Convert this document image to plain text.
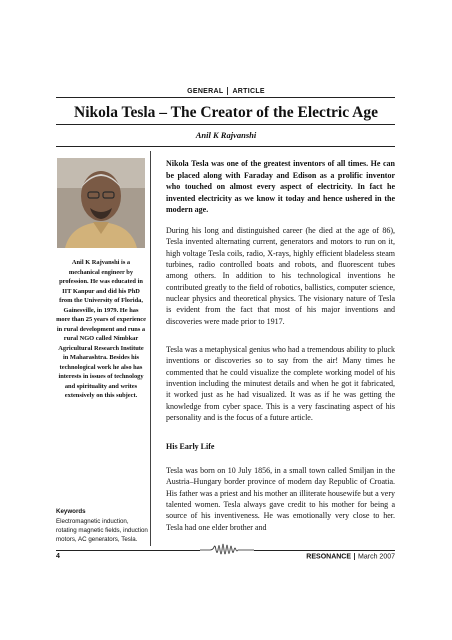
GENERAL ARTICLE
Nikola Tesla – The Creator of the Electric Age
Anil K Rajvanshi
Anil K Rajvanshi is a mechanical engineer by profession. He was educated in IIT Kanpur and did his PhD from the University of Florida, Gainesville, in 1979. He has more than 25 years of experience in rural development and runs a rural NGO called Nimbkar Agricultural Research Institute in Maharashtra. Besides his technological work he also has interests in issues of technology and spirituality and writes extensively on this subject.
Keywords
Electromagnetic induction, rotating magnetic fields, induction motors, AC generators, Tesla.
Nikola Tesla was one of the greatest inventors of all times. He can be placed along with Faraday and Edison as a prolific inventor who touched on almost every aspect of electricity. In fact he invented electricity as we know it today and hence ushered in the modern age.
During his long and distinguished career (he died at the age of 86), Tesla invented alternating current, generators and motors to run on it, high voltage Tesla coils, radio, X-rays, highly efficient bladeless steam turbines, radio controlled boats and robots, and fluorescent tubes among others. In addition to his technological inventions he contributed greatly to the field of robotics, ballistics, computer science, nuclear physics and theoretical physics. The visionary nature of Tesla is evident from the fact that most of his major inventions and discoveries were made prior to 1917.
Tesla was a metaphysical genius who had a tremendous ability to pluck inventions or discoveries so to say from the air! Many times he commented that he could visualize the complete working model of his invention including the minutest details and when he got it fabricated, it worked just as he had visualized. It was as if he was getting the knowledge from cyber space. This is a very fascinating aspect of his personality and is the focus of a future article.
His Early Life
Tesla was born on 10 July 1856, in a small town called Smiljan in the Austria–Hungary border province of modern day Republic of Croatia. His father was a priest and his mother an illiterate housewife but a very talented women. Tesla always gave credit to his mother for being a source of his inventiveness. He was emotionally very close to her. Tesla had one elder brother and
4	RESONANCE March 2007
